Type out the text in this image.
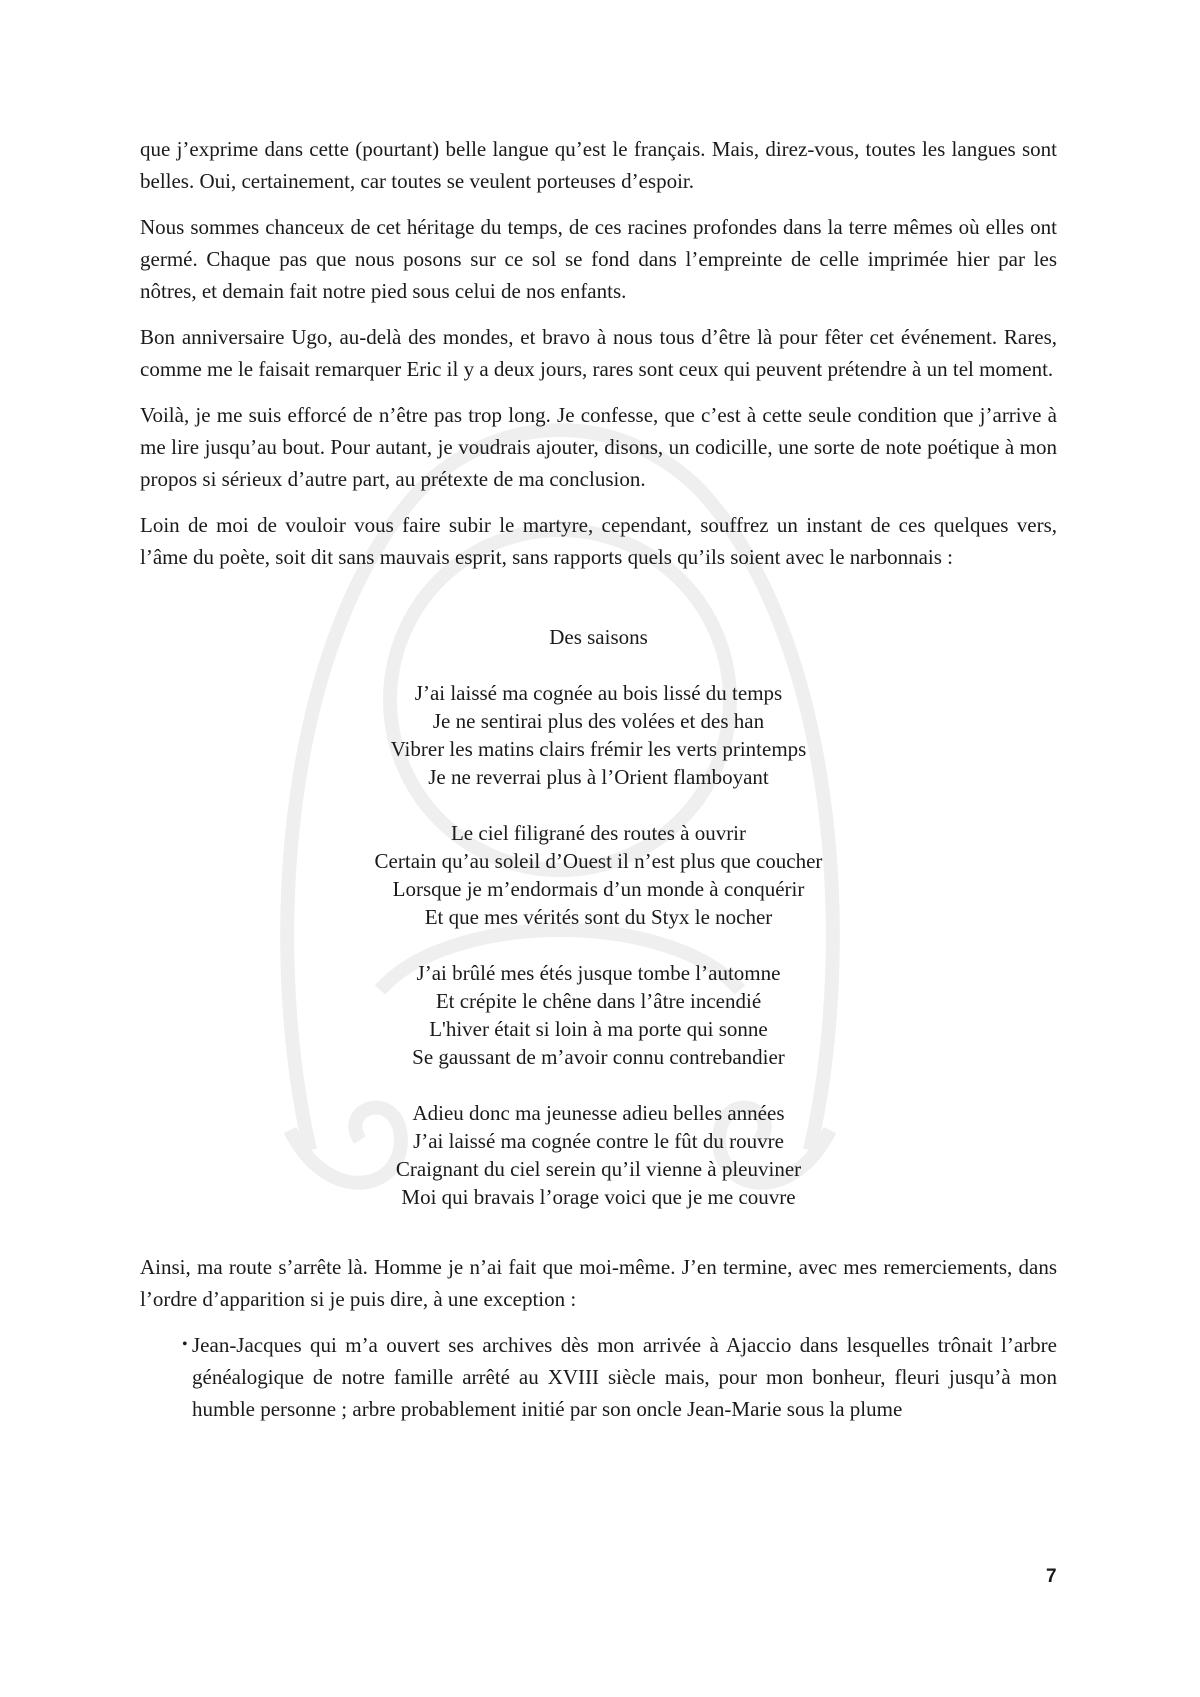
que j’exprime dans cette (pourtant) belle langue qu’est le français. Mais, direz-vous, toutes les langues sont belles. Oui, certainement, car toutes se veulent porteuses d’espoir.

Nous sommes chanceux de cet héritage du temps, de ces racines profondes dans la terre mêmes où elles ont germé. Chaque pas que nous posons sur ce sol se fond dans l’empreinte de celle imprimée hier par les nôtres, et demain fait notre pied sous celui de nos enfants.

Bon anniversaire Ugo, au-delà des mondes, et bravo à nous tous d’être là pour fêter cet événement. Rares, comme me le faisait remarquer Eric il y a deux jours, rares sont ceux qui peuvent prétendre à un tel moment.

Voilà, je me suis efforcé de n’être pas trop long. Je confesse, que c’est à cette seule condition que j’arrive à me lire jusqu’au bout. Pour autant, je voudrais ajouter, disons, un codicille, une sorte de note poétique à mon propos si sérieux d’autre part, au prétexte de ma conclusion.

Loin de moi de vouloir vous faire subir le martyre, cependant, souffrez un instant de ces quelques vers, l’âme du poète, soit dit sans mauvais esprit, sans rapports quels qu’ils soient avec le narbonnais :

Des saisons

J’ai laissé ma cognée au bois lissé du temps
Je ne sentirai plus des volées et des han
Vibrer les matins clairs frémir les verts printemps
Je ne reverrai plus à l’Orient flamboyant

Le ciel filigrané des routes à ouvrir
Certain qu’au soleil d’Ouest il n’est plus que coucher
Lorsque je m’endormais d’un monde à conquérir
Et que mes vérités sont du Styx le nocher

J’ai brûlé mes étés jusque tombe l’automne
Et crépite le chêne dans l’âtre incendié
L'hiver était si loin à ma porte qui sonne
Se gaussant de m’avoir connu contrebandier

Adieu donc ma jeunesse adieu belles années
J’ai laissé ma cognée contre le fût du rouvre
Craignant du ciel serein qu’il vienne à pleuviner
Moi qui bravais l’orage voici que je me couvre

Ainsi, ma route s’arrête là. Homme je n’ai fait que moi-même. J’en termine, avec mes remerciements, dans l’ordre d’apparition si je puis dire, à une exception :

• Jean-Jacques qui m’a ouvert ses archives dès mon arrivée à Ajaccio dans lesquelles trônait l’arbre généalogique de notre famille arrêté au XVIII siècle mais, pour mon bonheur, fleuri jusqu’à mon humble personne ; arbre probablement initié par son oncle Jean-Marie sous la plume
7
